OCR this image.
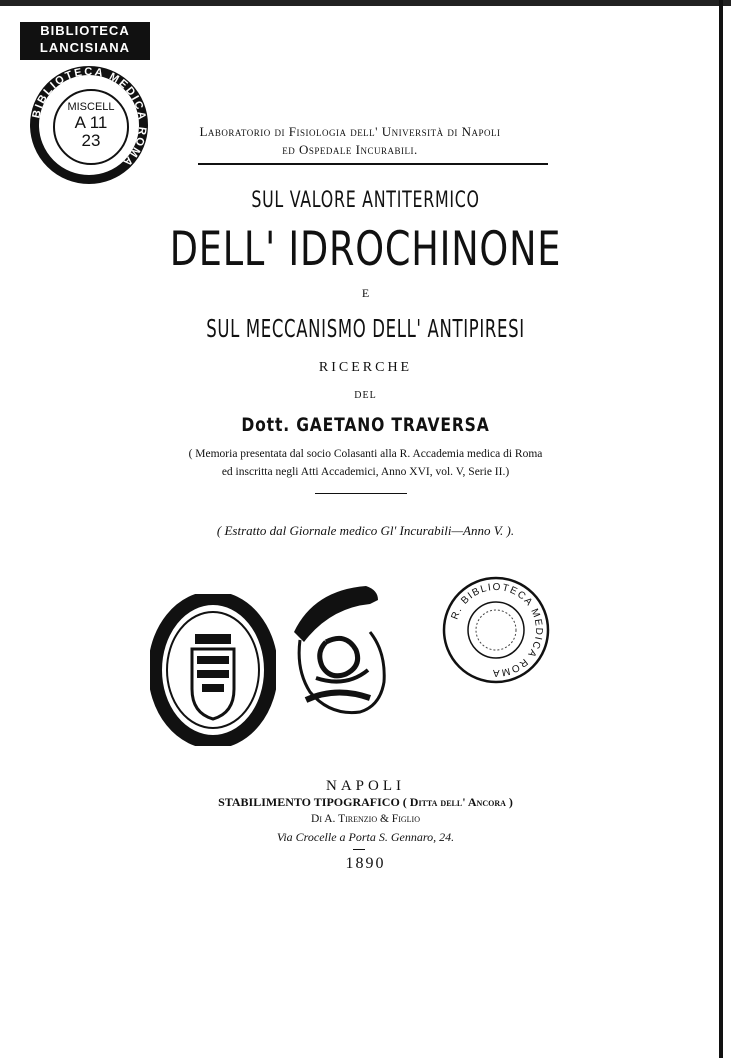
BIBLIOTECA
LANCISIANA
BIBLIOTECA MEDICA ROMA
MISCELL
A 11
23	Laboratorio di Fisiologia dell' Università di Napoli
ed Ospedale Incurabili.
SUL VALORE ANTITERMICO
DELL' IDROCHINONE
E
SUL MECCANISMO DELL' ANTIPIRESI
RICERCHE
DEL
Dott. GAETANO TRAVERSA
( Memoria presentata dal socio Colasanti alla R. Accademia medica di Roma
ed inscritta negli Atti Accademici, Anno XVI, vol. V, Serie II.)
( Estratto dal Giornale medico Gl' Incurabili—Anno V. ).
R. BIBLIOTECA MEDICA ROMA
NAPOLI
STABILIMENTO TIPOGRAFICO ( Ditta dell' Ancora )
Di A. Tirenzio & Figlio
Via Crocelle a Porta S. Gennaro, 24.
1890
